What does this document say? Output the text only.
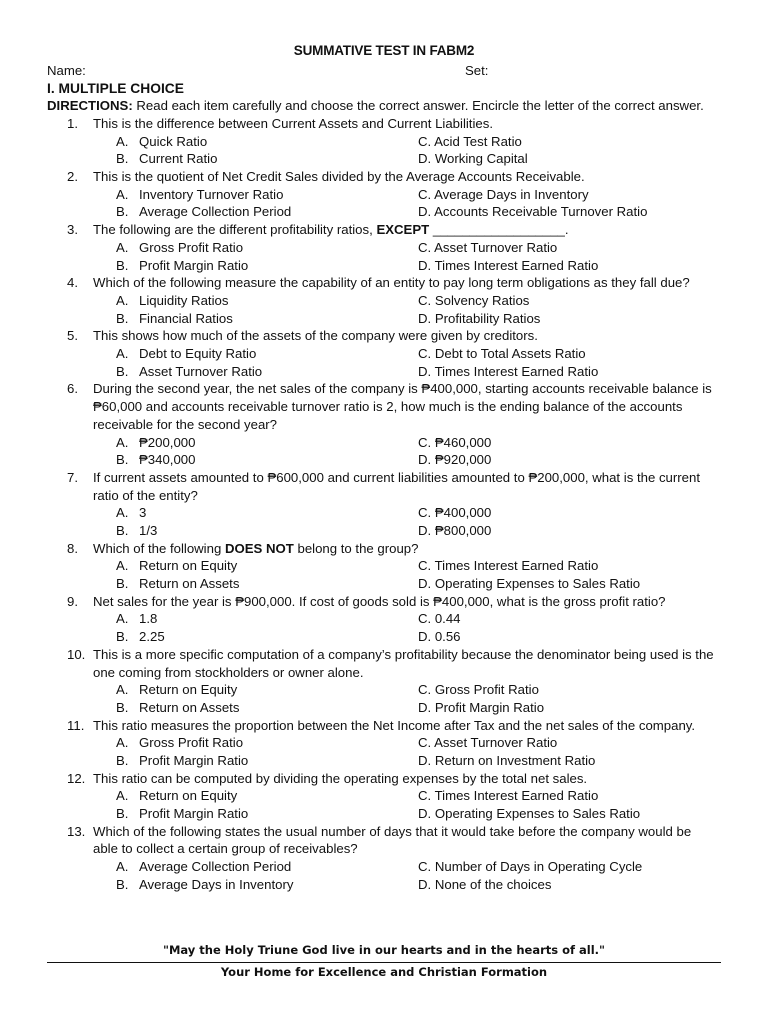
SUMMATIVE TEST IN FABM2
Name:	Set:
I. MULTIPLE CHOICE
DIRECTIONS: Read each item carefully and choose the correct answer. Encircle the letter of the correct answer.
1. This is the difference between Current Assets and Current Liabilities.
A. Quick Ratio	C. Acid Test Ratio
B. Current Ratio	D. Working Capital
2. This is the quotient of Net Credit Sales divided by the Average Accounts Receivable.
A. Inventory Turnover Ratio	C. Average Days in Inventory
B. Average Collection Period	D. Accounts Receivable Turnover Ratio
3. The following are the different profitability ratios, EXCEPT __________________.
A. Gross Profit Ratio	C. Asset Turnover Ratio
B. Profit Margin Ratio	D. Times Interest Earned Ratio
4. Which of the following measure the capability of an entity to pay long term obligations as they fall due?
A. Liquidity Ratios	C. Solvency Ratios
B. Financial Ratios	D. Profitability Ratios
5. This shows how much of the assets of the company were given by creditors.
A. Debt to Equity Ratio	C. Debt to Total Assets Ratio
B. Asset Turnover Ratio	D. Times Interest Earned Ratio
6. During the second year, the net sales of the company is ₱400,000, starting accounts receivable balance is ₱60,000 and accounts receivable turnover ratio is 2, how much is the ending balance of the accounts receivable for the second year?
A. ₱200,000	C. ₱460,000
B. ₱340,000	D. ₱920,000
7. If current assets amounted to ₱600,000 and current liabilities amounted to ₱200,000, what is the current ratio of the entity?
A. 3	C. ₱400,000
B. 1/3	D. ₱800,000
8. Which of the following DOES NOT belong to the group?
A. Return on Equity	C. Times Interest Earned Ratio
B. Return on Assets	D. Operating Expenses to Sales Ratio
9. Net sales for the year is ₱900,000. If cost of goods sold is ₱400,000, what is the gross profit ratio?
A. 1.8	C. 0.44
B. 2.25	D. 0.56
10. This is a more specific computation of a company’s profitability because the denominator being used is the one coming from stockholders or owner alone.
A. Return on Equity	C. Gross Profit Ratio
B. Return on Assets	D. Profit Margin Ratio
11. This ratio measures the proportion between the Net Income after Tax and the net sales of the company.
A. Gross Profit Ratio	C. Asset Turnover Ratio
B. Profit Margin Ratio	D. Return on Investment Ratio
12. This ratio can be computed by dividing the operating expenses by the total net sales.
A. Return on Equity	C. Times Interest Earned Ratio
B. Profit Margin Ratio	D. Operating Expenses to Sales Ratio
13. Which of the following states the usual number of days that it would take before the company would be able to collect a certain group of receivables?
A. Average Collection Period	C. Number of Days in Operating Cycle
B. Average Days in Inventory	D. None of the choices
"May the Holy Triune God live in our hearts and in the hearts of all."
Your Home for Excellence and Christian Formation
